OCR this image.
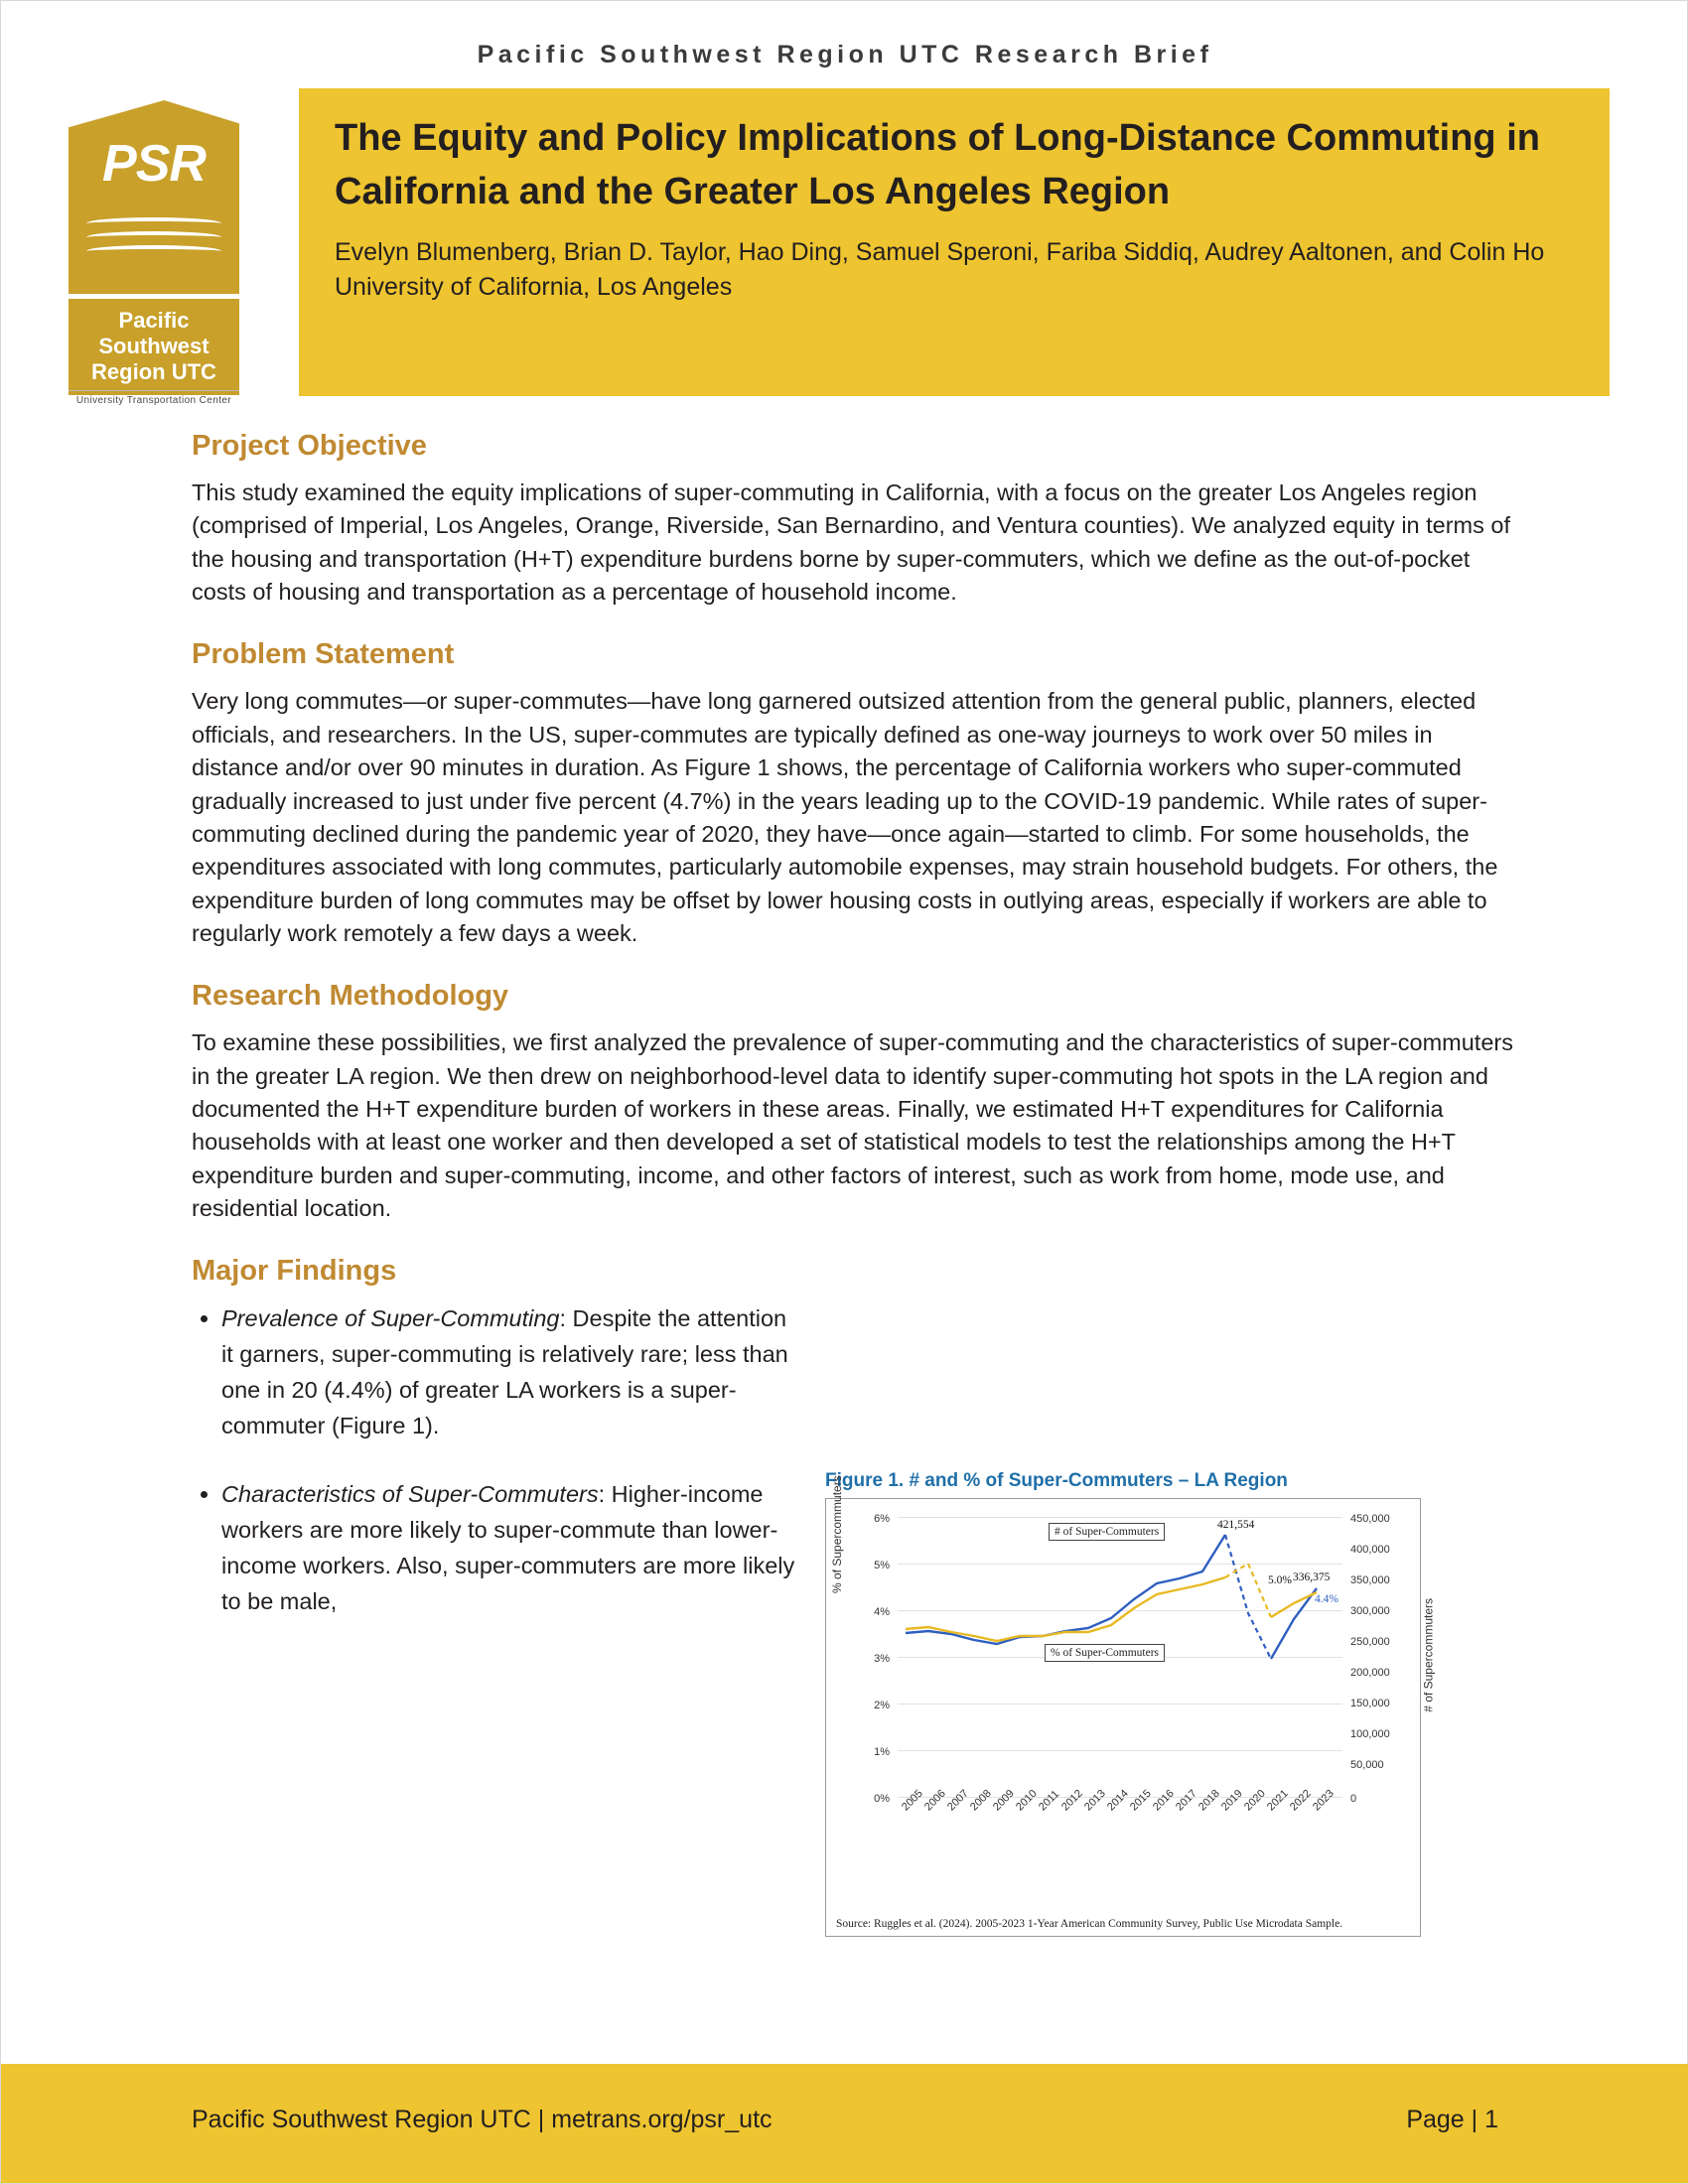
Pacific Southwest Region UTC Research Brief
PSR
Pacific Southwest Region UTC
University Transportation Center
The Equity and Policy Implications of Long-Distance Commuting in California and the Greater Los Angeles Region
Evelyn Blumenberg, Brian D. Taylor, Hao Ding, Samuel Speroni, Fariba Siddiq, Audrey Aaltonen, and Colin Ho
University of California, Los Angeles
Project Objective

This study examined the equity implications of super-commuting in California, with a focus on the greater Los Angeles region (comprised of Imperial, Los Angeles, Orange, Riverside, San Bernardino, and Ventura counties). We analyzed equity in terms of the housing and transportation (H+T) expenditure burdens borne by super-commuters, which we define as the out-of-pocket costs of housing and transportation as a percentage of household income.

Problem Statement

Very long commutes—or super-commutes—have long garnered outsized attention from the general public, planners, elected officials, and researchers. In the US, super-commutes are typically defined as one-way journeys to work over 50 miles in distance and/or over 90 minutes in duration. As Figure 1 shows, the percentage of California workers who super-commuted gradually increased to just under five percent (4.7%) in the years leading up to the COVID-19 pandemic. While rates of super-commuting declined during the pandemic year of 2020, they have—once again—started to climb. For some households, the expenditures associated with long commutes, particularly automobile expenses, may strain household budgets. For others, the expenditure burden of long commutes may be offset by lower housing costs in outlying areas, especially if workers are able to regularly work remotely a few days a week.

Research Methodology

To examine these possibilities, we first analyzed the prevalence of super-commuting and the characteristics of super-commuters in the greater LA region. We then drew on neighborhood-level data to identify super-commuting hot spots in the LA region and documented the H+T expenditure burden of workers in these areas. Finally, we estimated H+T expenditures for California households with at least one worker and then developed a set of statistical models to test the relationships among the H+T expenditure burden and super-commuting, income, and other factors of interest, such as work from home, mode use, and residential location.

Major Findings
• Prevalence of Super-Commuting: Despite the attention it garners, super-commuting is relatively rare; less than one in 20 (4.4%) of greater LA workers is a super-commuter (Figure 1).
• Characteristics of Super-Commuters: Higher-income workers are more likely to super-commute than lower-income workers. Also, super-commuters are more likely to be male,
Figure 1. # and % of Super-Commuters – LA Region
% of Supercommuters
# of Supercommuters
6%
5%
4%
3%
2%
1%
0%
450,000
400,000
350,000
300,000
250,000
200,000
150,000
100,000
50,000
0
# of Super-Commuters
% of Super-Commuters
421,554
5.0% 336,375
4.4%
2005
2006
2007
2008
2009
2010
2011
2012
2013
2014
2015
2016
2017
2018
2019
2020
2021
2022
2023
Source: Ruggles et al. (2024). 2005-2023 1-Year American Community Survey, Public Use Microdata Sample.
Pacific Southwest Region UTC | metrans.org/psr_utc	Page | 1
